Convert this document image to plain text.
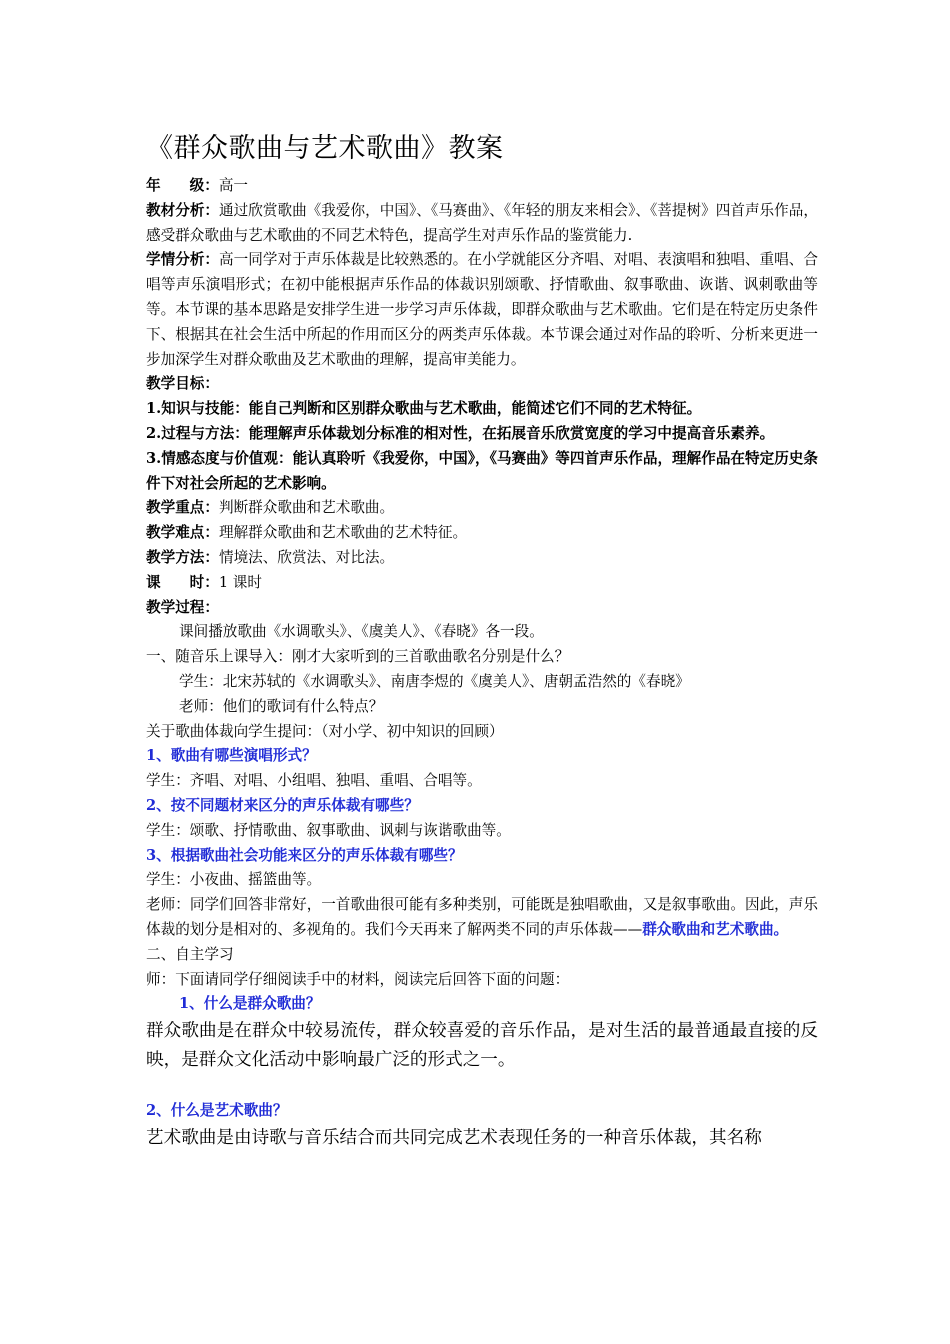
《群众歌曲与艺术歌曲》教案

年 级：高一

教材分析：通过欣赏歌曲《我爱你，中国》、《马赛曲》、《年轻的朋友来相会》、《菩提树》四首声乐作品，感受群众歌曲与艺术歌曲的不同艺术特色，提高学生对声乐作品的鉴赏能力.

学情分析：高一同学对于声乐体裁是比较熟悉的。在小学就能区分齐唱、对唱、表演唱和独唱、重唱、合唱等声乐演唱形式；在初中能根据声乐作品的体裁识别颂歌、抒情歌曲、叙事歌曲、诙谐、讽刺歌曲等等。本节课的基本思路是安排学生进一步学习声乐体裁，即群众歌曲与艺术歌曲。它们是在特定历史条件下、根据其在社会生活中所起的作用而区分的两类声乐体裁。本节课会通过对作品的聆听、分析来更进一步加深学生对群众歌曲及艺术歌曲的理解，提高审美能力。

教学目标：

1.知识与技能：能自己判断和区别群众歌曲与艺术歌曲，能简述它们不同的艺术特征。

2.过程与方法：能理解声乐体裁划分标准的相对性，在拓展音乐欣赏宽度的学习中提高音乐素养。

3.情感态度与价值观：能认真聆听《我爱你，中国》，《马赛曲》等四首声乐作品，理解作品在特定历史条件下对社会所起的艺术影响。

教学重点：判断群众歌曲和艺术歌曲。

教学难点：理解群众歌曲和艺术歌曲的艺术特征。

教学方法：情境法、欣赏法、对比法。

课 时：1 课时

教学过程：

课间播放歌曲《水调歌头》、《虞美人》、《春晓》各一段。

一、随音乐上课导入：刚才大家听到的三首歌曲歌名分别是什么？

学生：北宋苏轼的《水调歌头》、南唐李煜的《虞美人》、唐朝孟浩然的《春晓》

老师：他们的歌词有什么特点？

关于歌曲体裁向学生提问：（对小学、初中知识的回顾）

1、歌曲有哪些演唱形式？

学生：齐唱、对唱、小组唱、独唱、重唱、合唱等。

2、按不同题材来区分的声乐体裁有哪些？

学生：颂歌、抒情歌曲、叙事歌曲、讽刺与诙谐歌曲等。

3、根据歌曲社会功能来区分的声乐体裁有哪些？

学生：小夜曲、摇篮曲等。

老师：同学们回答非常好，一首歌曲很可能有多种类别，可能既是独唱歌曲，又是叙事歌曲。因此，声乐体裁的划分是相对的、多视角的。我们今天再来了解两类不同的声乐体裁——群众歌曲和艺术歌曲。

二、自主学习

师：下面请同学仔细阅读手中的材料，阅读完后回答下面的问题：

1、什么是群众歌曲？

群众歌曲是在群众中较易流传，群众较喜爱的音乐作品，是对生活的最普通最直接的反映，是群众文化活动中影响最广泛的形式之一。

2、什么是艺术歌曲？

艺术歌曲是由诗歌与音乐结合而共同完成艺术表现任务的一种音乐体裁，其名称
